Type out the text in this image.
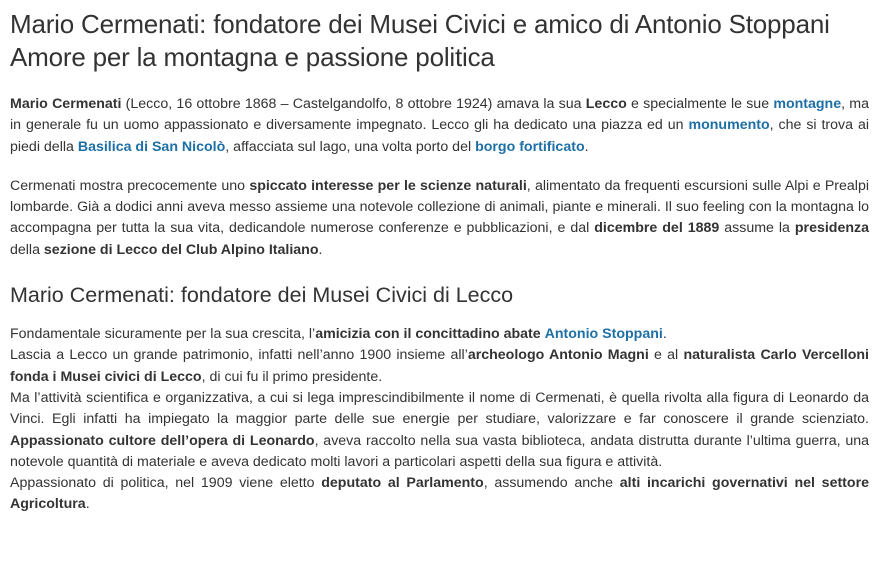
Mario Cermenati: fondatore dei Musei Civici e amico di Antonio Stoppani
Amore per la montagna e passione politica

Mario Cermenati (Lecco, 16 ottobre 1868 – Castelgandolfo, 8 ottobre 1924) amava la sua Lecco e specialmente le sue montagne, ma in generale fu un uomo appassionato e diversamente impegnato. Lecco gli ha dedicato una piazza ed un monumento, che si trova ai piedi della Basilica di San Nicolò, affacciata sul lago, una volta porto del borgo fortificato.

Cermenati mostra precocemente uno spiccato interesse per le scienze naturali, alimentato da frequenti escursioni sulle Alpi e Prealpi lombarde. Già a dodici anni aveva messo assieme una notevole collezione di animali, piante e minerali. Il suo feeling con la montagna lo accompagna per tutta la sua vita, dedicandole numerose conferenze e pubblicazioni, e dal dicembre del 1889 assume la presidenza della sezione di Lecco del Club Alpino Italiano.

Mario Cermenati: fondatore dei Musei Civici di Lecco

Fondamentale sicuramente per la sua crescita, l’amicizia con il concittadino abate Antonio Stoppani.

Lascia a Lecco un grande patrimonio, infatti nell’anno 1900 insieme all’archeologo Antonio Magni e al naturalista Carlo Vercelloni fonda i Musei civici di Lecco, di cui fu il primo presidente.

Ma l’attività scientifica e organizzativa, a cui si lega imprescindibilmente il nome di Cermenati, è quella rivolta alla figura di Leonardo da Vinci. Egli infatti ha impiegato la maggior parte delle sue energie per studiare, valorizzare e far conoscere il grande scienziato. Appassionato cultore dell’opera di Leonardo, aveva raccolto nella sua vasta biblioteca, andata distrutta durante l’ultima guerra, una notevole quantità di materiale e aveva dedicato molti lavori a particolari aspetti della sua figura e attività.

Appassionato di politica, nel 1909 viene eletto deputato al Parlamento, assumendo anche alti incarichi governativi nel settore Agricoltura.
